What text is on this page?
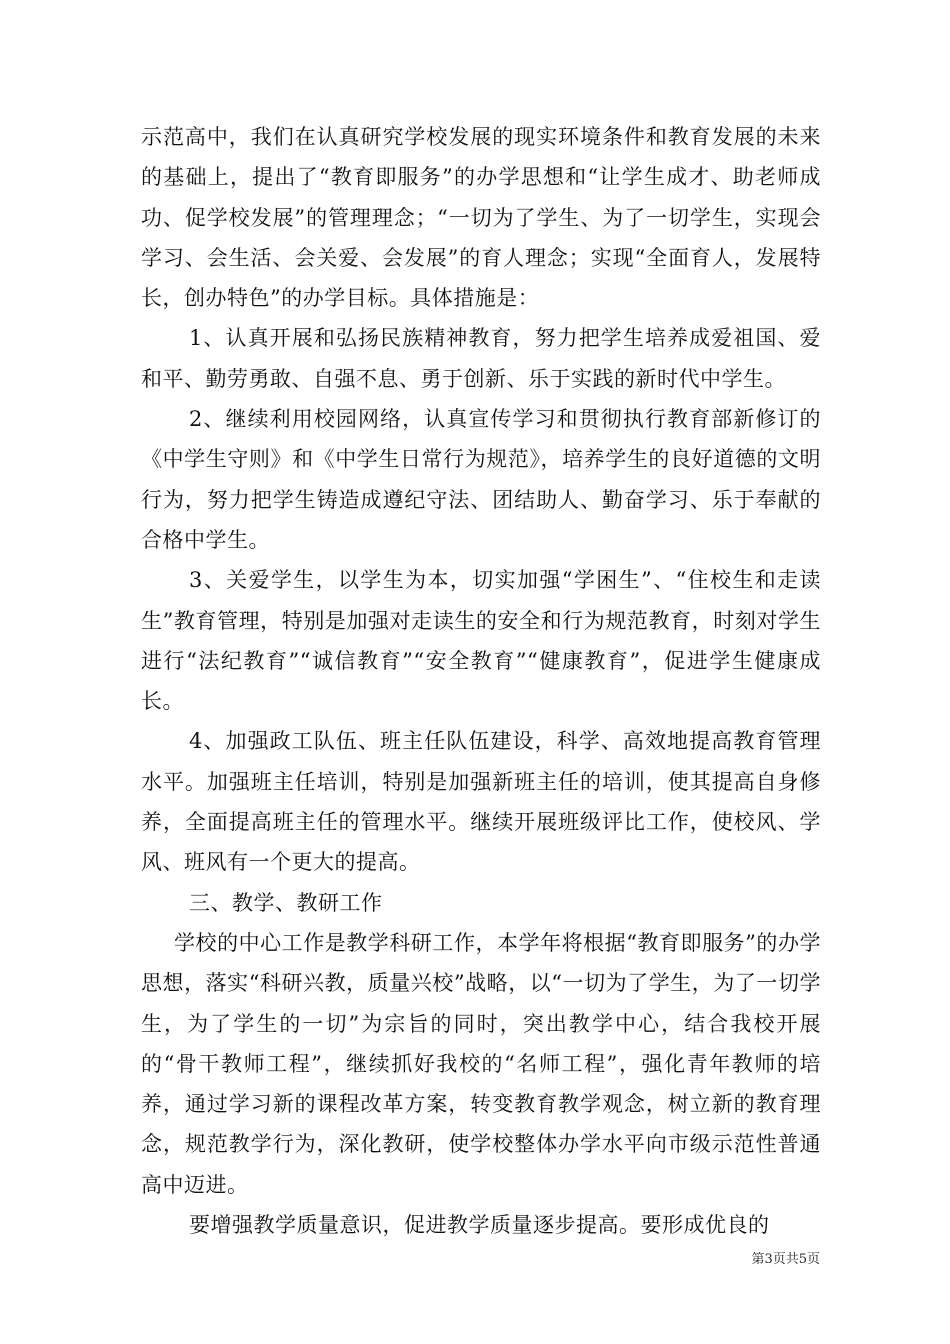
示范高中，我们在认真研究学校发展的现实环境条件和教育发展的未来的基础上，提出了“教育即服务”的办学思想和“让学生成才、助老师成功、促学校发展”的管理理念；“一切为了学生、为了一切学生，实现会学习、会生活、会关爱、会发展”的育人理念；实现“全面育人，发展特长，创办特色”的办学目标。具体措施是：

1、认真开展和弘扬民族精神教育，努力把学生培养成爱祖国、爱和平、勤劳勇敢、自强不息、勇于创新、乐于实践的新时代中学生。

2、继续利用校园网络，认真宣传学习和贯彻执行教育部新修订的《中学生守则》和《中学生日常行为规范》，培养学生的良好道德的文明行为，努力把学生铸造成遵纪守法、团结助人、勤奋学习、乐于奉献的合格中学生。

3、关爱学生，以学生为本，切实加强“学困生”、“住校生和走读生”教育管理，特别是加强对走读生的安全和行为规范教育，时刻对学生进行“法纪教育”“诚信教育”“安全教育”“健康教育”，促进学生健康成长。

4、加强政工队伍、班主任队伍建设，科学、高效地提高教育管理水平。加强班主任培训，特别是加强新班主任的培训，使其提高自身修养，全面提高班主任的管理水平。继续开展班级评比工作，使校风、学风、班风有一个更大的提高。

三、教学、教研工作

学校的中心工作是教学科研工作，本学年将根据“教育即服务”的办学思想，落实“科研兴教，质量兴校”战略，以“一切为了学生，为了一切学生，为了学生的一切”为宗旨的同时，突出教学中心，结合我校开展的“骨干教师工程”，继续抓好我校的“名师工程”，强化青年教师的培养，通过学习新的课程改革方案，转变教育教学观念，树立新的教育理念，规范教学行为，深化教研，使学校整体办学水平向市级示范性普通高中迈进。

要增强教学质量意识，促进教学质量逐步提高。要形成优良的

第3页共5页
